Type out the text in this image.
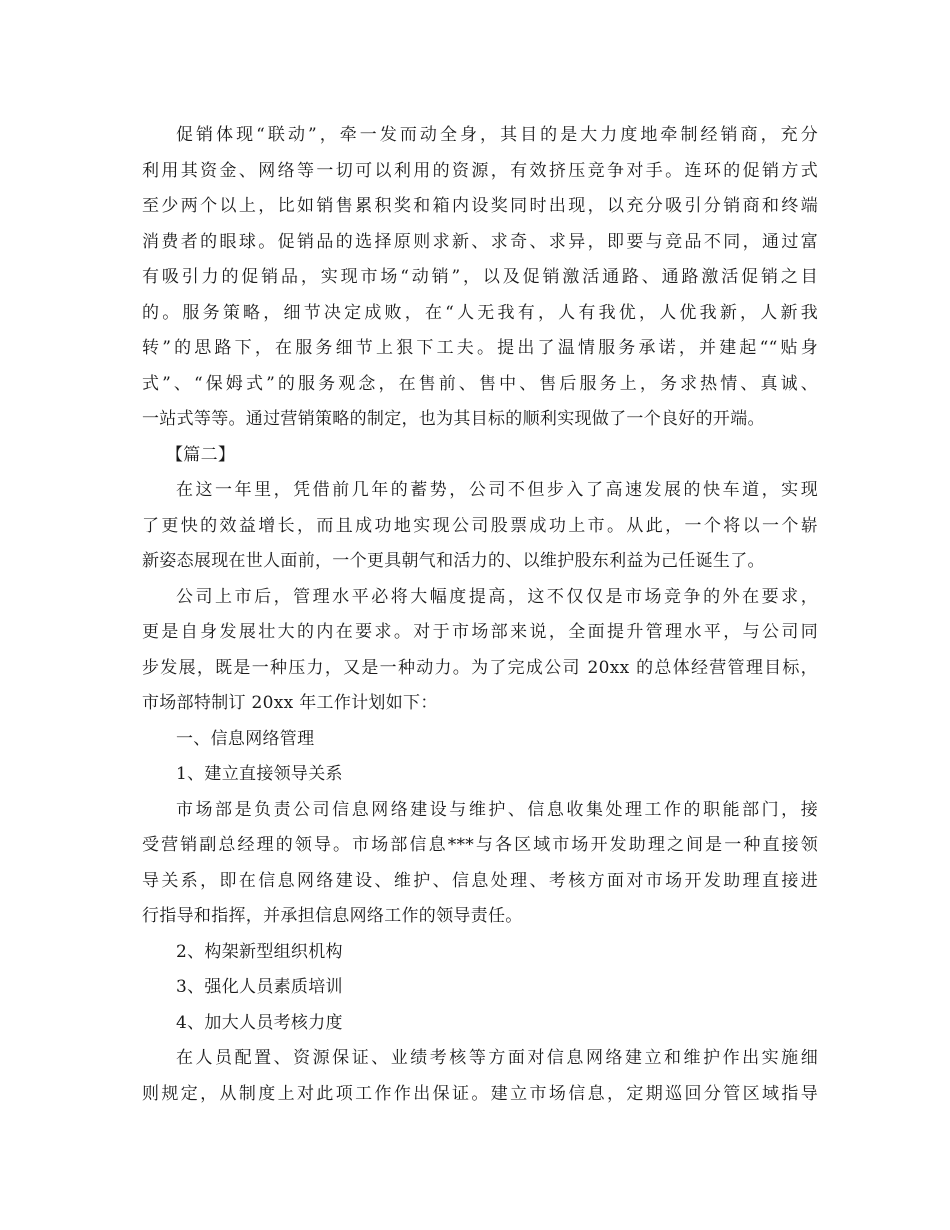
促销体现“联动”，牵一发而动全身，其目的是大力度地牵制经销商，充分
利用其资金、网络等一切可以利用的资源，有效挤压竞争对手。连环的促销方式
至少两个以上，比如销售累积奖和箱内设奖同时出现，以充分吸引分销商和终端
消费者的眼球。促销品的选择原则求新、求奇、求异，即要与竞品不同，通过富
有吸引力的促销品，实现市场“动销”，以及促销激活通路、通路激活促销之目
的。服务策略，细节决定成败，在“人无我有，人有我优，人优我新，人新我
转”的思路下，在服务细节上狠下工夫。提出了温情服务承诺，并建起““贴身
式”、“保姆式”的服务观念，在售前、售中、售后服务上，务求热情、真诚、
一站式等等。通过营销策略的制定，也为其目标的顺利实现做了一个良好的开端。
【篇二】
在这一年里，凭借前几年的蓄势，公司不但步入了高速发展的快车道，实现
了更快的效益增长，而且成功地实现公司股票成功上市。从此，一个将以一个崭
新姿态展现在世人面前，一个更具朝气和活力的、以维护股东利益为己任诞生了。
公司上市后，管理水平必将大幅度提高，这不仅仅是市场竞争的外在要求，
更是自身发展壮大的内在要求。对于市场部来说，全面提升管理水平，与公司同
步发展，既是一种压力，又是一种动力。为了完成公司 20xx 的总体经营管理目标，
市场部特制订 20xx 年工作计划如下：
一、信息网络管理
1、建立直接领导关系
市场部是负责公司信息网络建设与维护、信息收集处理工作的职能部门，接
受营销副总经理的领导。市场部信息***与各区域市场开发助理之间是一种直接领
导关系，即在信息网络建设、维护、信息处理、考核方面对市场开发助理直接进
行指导和指挥，并承担信息网络工作的领导责任。
2、构架新型组织机构
3、强化人员素质培训
4、加大人员考核力度
在人员配置、资源保证、业绩考核等方面对信息网络建立和维护作出实施细
则规定，从制度上对此项工作作出保证。建立市场信息，定期巡回分管区域指导
